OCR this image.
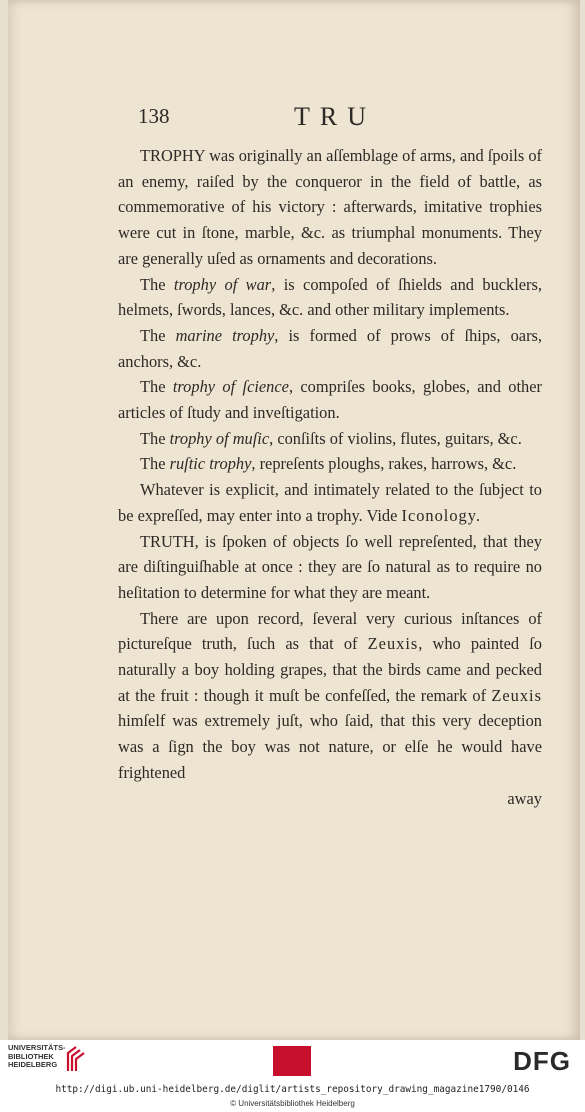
138	TRU

TROPHY was originally an aſſemblage of arms, and ſpoils of an enemy, raiſed by the conqueror in the field of battle, as commemorative of his victory : afterwards, imitative trophies were cut in ſtone, marble, &c. as triumphal monuments. They are generally uſed as ornaments and decorations.

The trophy of war, is compoſed of ſhields and bucklers, helmets, ſwords, lances, &c. and other military implements.

The marine trophy, is formed of prows of ſhips, oars, anchors, &c.

The trophy of ſcience, compriſes books, globes, and other articles of ſtudy and inveſtigation.

The trophy of muſic, conſiſts of violins, flutes, guitars, &c.

The ruſtic trophy, repreſents ploughs, rakes, harrows, &c.

Whatever is explicit, and intimately related to the ſubject to be expreſſed, may enter into a trophy. Vide Iconology.

TRUTH, is ſpoken of objects ſo well repreſented, that they are diſtinguiſhable at once : they are ſo natural as to require no heſitation to determine for what they are meant.

There are upon record, ſeveral very curious inſtances of pictureſque truth, ſuch as that of Zeuxis, who painted ſo naturally a boy holding grapes, that the birds came and pecked at the fruit : though it muſt be confeſſed, the remark of Zeuxis himſelf was extremely juſt, who ſaid, that this very deception was a ſign the boy was not nature, or elſe he would have frightened

away

UNIVERSITÄTS-
BIBLIOTHEK
HEIDELBERG	DFG
http://digi.ub.uni-heidelberg.de/diglit/artists_repository_drawing_magazine1790/0146
© Universitätsbibliothek Heidelberg
